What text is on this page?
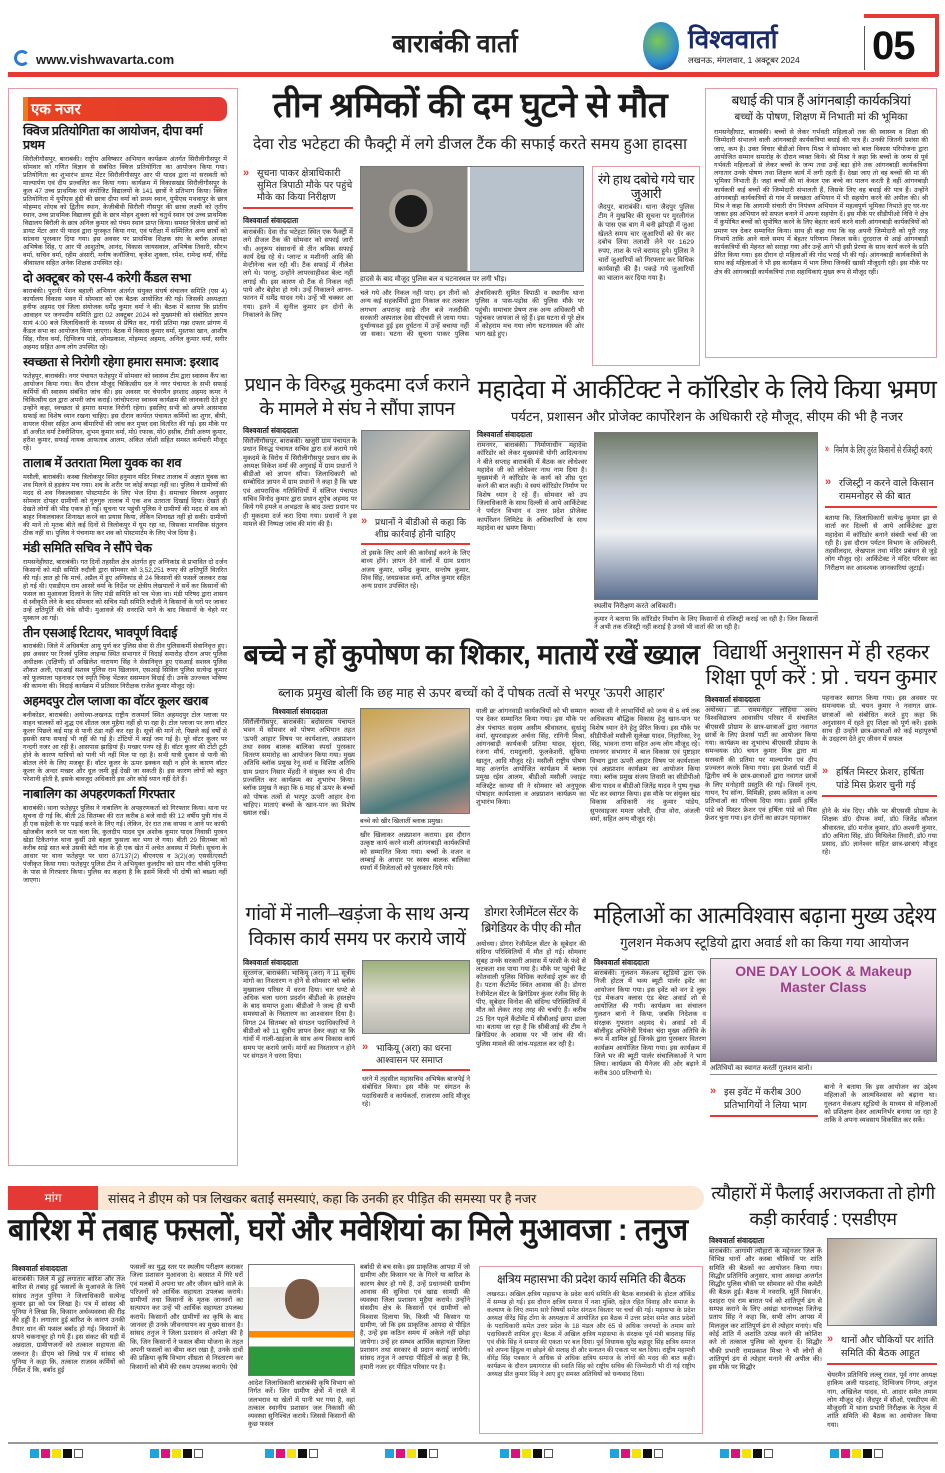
बाराबंकी वार्ता
www.vishwavarta.com
विश्ववार्ता
लखनऊ, मंगलवार, 1 अक्टूबर 2024	05
एक नजर
क्विज प्रतियोगिता का आयोजन, दीपा वर्मा प्रथम
सिरौलीगौसपुर, बाराबंकी। राष्ट्रीय अविष्कार अभियान कार्यक्रम अंतर्गत सिरौलीगौसपुर में सोमवार को गणित विज्ञान से संबंधित क्विज प्रतियोगिता का आयोजन किया गया। प्रतियोगिता का शुभारंभ डायट मेंटर सिरौलीगौसपुर आर पी यादव द्वारा मां सरस्वती को माल्यार्पण एवं दीप प्रज्वलित कर किया गया। कार्यक्रम में विकासखंड सिरौलीगौसपुर के कुल 47 उच्च प्राथमिक एवं कंपोजिट विद्यालयों के 141 छात्रों ने प्रतिभाग किया। क्विज प्रतियोगिता में यूपीएस हुंडी की छात्रा दीपा वर्मा को प्रथम स्थान, यूपीएस मथवापुर के छात्र मोहम्मद शोएब को द्वितीय स्थान, केजीबीवी सिरौली गौसपुर की छात्रा लक्ष्मी को तृतीय स्थान, उच्च प्राथमिक विद्यालय हुंडी के छात्र मोहन शुक्ला को चतुर्थ स्थान एवं उच्च प्राथमिक विद्यालय बिरौली के छात्र अनिल कुमार को पंचम स्थान प्राप्त किया। समस्त विजेता छात्रों को डायट मेंटर आर पी यादव द्वारा पुरस्कृत किया गया, एवं परीक्षा में सम्मिलित अन्य छात्रों को सांत्वना पुरस्कार दिया गया। इस अवसर पर प्राथमिक शिक्षक संघ के ब्लॉक अध्यक्ष अभिषेक सिंह, ए आर पी आशुतोष, आनंद, विकास जायसवाल, अभिषेक तिवारी, सौरभ वर्मा, सचिन वर्मा, रहीम अंसारी, मनीष कनौजिया, बृजेश शुक्ला, रमेश, रामेन्द्र वर्मा, वीरेंद्र श्रीवास्तव सहित अनेक शिक्षक उपस्थित रहे।
दो अक्टूबर को एस-4 करेगी कैंडल सभा
बाराबंकी। पुरानी पेंशन बहाली अभियान अंतर्गत संयुक्त संघर्ष संचालन समिति (एस 4) कार्यालय विकास भवन में सोमवार को एक बैठक आयोजित की गई। जिसकी अध्यक्षता हनीफ अहमद एवं जिला संयोजक धर्मेंद्र कुमार वर्मा ने की। बैठक में बताया कि प्रांतीय आवाहन पर जनपदीय समिति द्वारा 02 अक्टूबर 2024 को मुख्यमंत्री को संबोधित ज्ञापन सायं 4:00 बजे जिलाधिकारी के माध्यम से प्रेषित कर, गांधी प्रतिमा गन्ना दफ्तर प्रांगण में कैंडल सभा का आयोजन किया जाएगा। बैठक में विकास कुमार वर्मा, मुस्तफा खान, आशीष सिंह, गौरव वर्मा, दिग्विजय पांडे, ओमप्रकाश, मोहम्मद अहमद, अनिल कुमार वर्मा, सगीर अहमद सहित अन्य लोग उपस्थित रहे।
स्वच्छता से निरोगी रहेगा हमारा समाज: इरशाद
फतेहपुर, बाराबंकी। नगर पंचायत फतेहपुर में सोमवार को स्वास्थ्य टीम द्वारा स्वास्थ्य कैंप का आयोजन किया गया। कैंप दौरान मौजूद चिकित्सीय दल ने नगर पंचायत के सभी सफाई कर्मियों की स्वास्थ्य संबंधित जांच की। इस अवसर पर चेयरमैन इरशाद अहमद कमर ने चिकित्सीय दल द्वारा अपनी जांच कराई। जांचोपरान्त स्वास्थ्य कार्यक्रम की जानकारी देते हुए उन्होंने कहा, स्वच्छता से हमारा समाज निरोगी रहेगा। इसलिए सभी को अपने आसपास सफाई का विशेष ध्यान रखना चाहिए। इस दौरान कार्यरत पंचायत कर्मियों का शुगर, बीपी, वायरल फीवर सहित अन्य बीमारियों की जांच कर मुफ्त दवा वितरित की गई। इस मौके पर डॉ अजीत वर्मा टेक्नीशियन, शुभम कुमार वर्मा, मो0 रफाक, मो0 हसीब, टीसी अरुण कुमार, हरीश कुमार, सफाई नायक आफताब आलम, अंकित जोशी सहित समस्त कर्मचारी मौजूद रहे।
तालाब में उतराता मिला युवक का शव
मसौली, बाराबंकी। कस्बा त्रिलोकपुर स्थित हनुमान मंदिर निकट तालाब में अज्ञात युवक का शव मिलने से हड़कंप मच गया। शव के शरीर पर कोई कपड़ा नहीं था। पुलिस ने ग्रामीणों की मदद से शव निकलवाकर पोस्टमार्टम के लिए भेज दिया है। समाचार विवरण अनुसार सोमवार दोपहर ग्रामीणों को गुरुगुरु तालाब में एक शव उतराता दिखाई दिया। देखते ही देखते लोगों की भीड़ एकत्र हो गई। सूचना पर पहुंची पुलिस ने ग्रामीणों की मदद से शव को बाहर निकलवाकर शिनाख्त करने का प्रयास किया, लेकिन शिनाख्त नहीं हो सकी। ग्रामीणों की मानें तो मृतक बीते कई दिनों से त्रिलोकपुर में घूम रहा था, जिसका मानसिक संतुलन ठीक नहीं था। पुलिस ने पंचनामा कर शव को पोस्टमार्टम के लिए भेज दिया है।
मंडी समिति सचिव ने सौंपे चेक
रामसनेहीघाट, बाराबंकी। गत दिनों तहसील क्षेत्र अंतर्गत हुए अग्निकांड से प्रभावित दो दर्जन किसानों को मंडी समिति रुदौली द्वारा सोमवार को 3,52,251 रुपए की क्षतिपूर्ति वितरित की गई। ज्ञात हो कि मार्च, अप्रैल में हुए अग्निकांड से 24 किसानों की फसलें जलकर राख हो गई थी। एसडीएम राम आसरे वर्मा के निर्देश पर क्षेत्रीय लेखपालों ने सर्वे कर किसानों की फसल का मुआवजा दिलाने के लिए मंडी समिति को पत्र भेजा था। मंडी परिषद द्वारा शासन से स्वीकृति लेने के बाद सोमवार को सचिव मंडी समिति रुदौली ने किसानों के घरों पर जाकर उन्हें क्षतिपूर्ति की चेकें सौंपी। मुआवजे की धनराशि पाने के बाद किसानों के चेहरे पर मुस्कान आ गई।
तीन एसआई रिटायर, भावपूर्ण विदाई
बाराबंकी। जिले में अधिवर्षता आयु पूर्ण कर पुलिस सेवा से तीन पुलिसकर्मी सेवानिवृत्त हुए। इस अवसर पर रिजर्व पुलिस लाइन्स स्थित सभागार में विदाई समारोह दौरान अपर पुलिस अधीक्षक (दक्षिणी) डॉ अखिलेश नारायण सिंह ने सेवानिवृत्त हुए एसआई सशस्त्र पुलिस शौकत अली, एसआई सशस्त्र पुलिस राम खिलावन, एसआई सिविल पुलिस सत्येन्द्र कुमार को फूलमाला पहनाकर एवं स्मृति चिन्ह भेंटकर ससम्मान विदाई दी। उनके उज्ज्वल भविष्य की कामना की। विदाई कार्यक्रम में प्रतिसार निरीक्षक राजेश कुमार मौजूद रहे।
अहमदपुर टोल प्लाजा का वॉटर कूलर खराब
बनीकोडर, बाराबंकी। अयोध्या-लखनऊ राष्ट्रीय राजमार्ग स्थित अहमदपुर टोल प्लाजा पर वाहन चालकों को शुद्ध एवं शीतल जल मुहैया नहीं हो पा रहा है। टोल प्लाजा पर लगा वॉटर कूलर पिछले कई माह से पानी ठंडा नहीं कर रहा है। सूत्रों की मानें तो, पिछले कई वर्षों से इसकी साफ सफाई भी नहीं की गई है। टोंटियों में काई जम गई है। पूरे वॉटर कूलर पर गन्दगी नजर आ रही है। आसपास झाड़ियां हैं। मच्छर पनप रहे हैं। वॉटर कूलर की टोंटी टूटी होने के कारण यात्रियों को पानी भी नहीं मिल पा रहा है। सभी यात्री दुकान से पानी की बोतल लेने के लिए मजबूर हैं। वॉटर कूलर के ऊपर ढक्कन सही न होने के कारण वॉटर कूलर के अन्दर मच्छर और धूल जमी हुई देखी जा सकती है। इस कारण लोगों को बहुत परेशानी होती है, इसके बावजूद अधिकारी इस ओर कोई ध्यान नहीं देते हैं।
नाबालिग का अपहरणकर्ता गिरफ्तार
बाराबंकी। थाना फतेहपुर पुलिस ने नाबालिग के अपहरणकर्ता को गिरफ्तार किया। थाना पर सूचना दी गई कि, बीती 28 सितम्बर की रात करीब 8 बजे वादी की 12 वर्षीय पुत्री गांव में ही एक सहेली के घर पढ़ाई करने के लिए गई। लेकिन, देर रात तक वापस न आने पर काफी खोजबीन करने पर पता चला कि, कुलदीप यादव पुत्र अशोक कुमार यादव निवासी पुरवन खेड़ा टिकैतगंज थाना कुर्सी उसे बहला फुसला कर भगा ले गया। बीती 29 सितम्बर को करीब साढ़े सात बजे उसकी बेटी गांव के ही एक खेत में अचेत अवस्था में मिली। सूचना के आधार पर थाना फतेहपुर पर धारा 87/137(2) बीएनएस व 3(2)(अ) एससी/एसटी पंजीकृत किया गया। फतेहपुर पुलिस टीम ने अभियुक्त कुलदीप को ग्राम गौरा चौकी पुलिया के पास से गिरफ्तार किया। पुलिस का कहना है कि इसमें किसी भी दोषी को बख्शा नहीं जाएगा।
तीन श्रमिकों की दम घुटने से मौत
देवा रोड भटेहटा की फैक्ट्री में लगे डीजल टैंक की सफाई करते समय हुआ हादसा
» सूचना पाकर क्षेत्राधिकारी सुमित त्रिपाठी मौके पर पहुंचे मौके का किया निरीक्षण
विश्ववार्ता संवाददाता
बाराबंकी। देवा रोड भटेहटा स्थित एक फैक्ट्री में लगे डीजल टैंक की सोमवार को सफाई जारी थी। अनुरूप संसाधनों से तीन श्रमिक सफाई कार्य देख रहे थे। प्लान्ट व मशीनरी आदि की मेन्टीनेन्स चल रही थी। टैंक सफाई में नीलेश लगे थे। परन्तु, उन्होंने लापरवाहीवश बेल्ट नहीं लगाई थी। इस कारण वो टैंक से निकल नहीं पाये और बेहोश हो गये। उन्हें निकालने आनन-फानन में धर्मेंद्र यादव गये। उन्हें भी चक्कर आ गया। इतने में सुनील कुमार इन दोनों के निकालने के लिए
हादसे के बाद मौजूद पुलिस बल व घटनास्थल पर लगी भीड़।
चले गये और निकल नहीं पाए। इन तीनों को अन्य कई सहकर्मियों द्वारा निकाल कर तत्काल लगभग अपरान्ह साढ़े तीन बजे नजदीकी सरकारी अस्पताल देवा सीएचसी ले जाया गया। दुर्भाग्यवश हुई इस दुर्घटना में उन्हें बचाया नहीं जा सका। घटना की सूचना पाकर पुलिस क्षेत्राधिकारी सुमित त्रिपाठी व स्थानीय थाना पुलिस व पास-पड़ोस की पुलिस मौके पर पहुंची। समाचार प्रेषण तक अन्य अधिकारी भी पहुंचकर जायजा ले रहे हैं। इस घटना से पूरे क्षेत्र में कोहराम मच गया लोग घटनास्थल की ओर भाग खड़े हुए।
रंगे हाथ दबोचे गये चार जुआरी
जैदपुर, बाराबंकी। थाना जैदपुर पुलिस टीम ने मुखबिर की सूचना पर मुरलीगंज के पास एक बाग में बनी झोपड़ी में जुआ खेलते समय चार जुआरियों को घेर कर दबोच लिया तलाशी लेने पर 1629 रुपए, ताश के पत्ते बरामद हुये। पुलिस ने चारों जुआरियों को गिरफ्तार कर विधिक कार्यवाही की है। पकड़े गये जुआरियों का चालान कर दिया गया है।
बधाई की पात्र हैं आंगनबाड़ी कार्यकत्रियां
बच्चों के पोषण, शिक्षण में निभाती मां की भूमिका
रामसनेहीघाट, बाराबंकी। बच्चों से लेकर गर्भवती महिलाओं तक की स्वास्थ्य व शिक्षा की जिम्मेदारी संभालने वाली आंगनबाड़ी कार्यकत्रियां बधाई की पात्र हैं। उनकी जितनी प्रशंसा की जाए, कम है। उक्त विचार बीडीओ विनय मिश्रा ने सोमवार को बाल विकास परियोजना द्वारा आयोजित सम्मान समारोह के दौरान व्यक्त किये। श्री मिश्रा ने कहा कि बच्चों के जन्म से पूर्व गर्भवती महिलाओं से लेकर बच्चों के जन्म तथा उन्हें बड़ा होने तक आंगनबाड़ी कार्यकत्रियां लगातार उनके पोषण तथा शिक्षण कार्य में लगी रहती हैं। देखा जाए तो वह बच्चों की मां की भूमिका निभाती हैं। जहां बच्चों की मां केवल एक बच्चे का पालन करती है वहीं आंगनबाड़ी कार्यकत्री कई बच्चों की जिम्मेदारी संभालती हैं, जिसके लिए वह बधाई की पात्र हैं। उन्होंने आंगनबाड़ी कार्यकत्रियों से गांव में स्वच्छता अभियान में भी सहयोग करने की अपील की। श्री मिश्र ने कहा कि आगामी संचारी रोग नियंत्रण अभियान में महत्वपूर्ण भूमिका निभाते हुए घर-घर जाकर इस अभियान को सफल बनाने में अपना सहयोग दें। इस मौके पर सीडीपीओ निधि ने क्षेत्र में कुपोषित बच्चों को सुपोषित करने के लिए बेहतर कार्य करने वाली आंगनबाड़ी कार्यकत्रियों को प्रमाण पत्र देकर सम्मानित किया। साथ ही कहा गया कि वह अपनी जिम्मेदारी को पूरी तरह निभायें ताकि आने वाले समय में बेहतर परिणाम निकल सकें। दूरदराज से आई आंगनबाड़ी कार्यकत्रियों की मेहनत को सराहा गया और उन्हें आगे भी इसी प्रेरणा के साथ कार्य करने के प्रति प्रेरित किया गया। इस दौरान दो महिलाओं की गोद भराई भी की गई। आंगनबाड़ी कार्यकत्रियों के साथ कई महिलाओं ने भी इस कार्यक्रम में भाग लिया जिनकी खासी मौजूदगी रही। इस मौके पर क्षेत्र की आंगनबाड़ी कार्यकत्रियां तथा सहायिकाएं मुख्य रूप से मौजूद रहीं।
प्रधान के विरुद्ध मुकदमा दर्ज कराने के मामले मे संघ ने सौंपा ज्ञापन
विश्ववार्ता संवाददाता
सिरौलीगौसपुर, बाराबंकी। खजुरी ग्राम पंचायत के प्रधान विरुद्ध पंचायत सचिव द्वारा दर्ज कराये गये मुकदमे के विरोध में सिरौलीगौसपुर प्रधान संघ के अध्यक्ष विकेश वर्मा की अगुवाई में ग्राम प्रधानों ने बीडीओ को ज्ञापन सौंपा। जिलाधिकारी को सम्बोधित ज्ञापन में ग्राम प्रधानों ने कहा है कि भ्रष्ट एवं आपराधिक गतिविधियों में संलिप्त पंचायत सचिव विनोद कुमार द्वारा प्रधान शुऐब अहमद पर किये गये हमले व अभद्रता के बाद उल्टा प्रधान पर ही मुकदमा दर्ज करा दिया गया। प्रधानों ने इस मामले की निष्पक्ष जांच की मांग की है।	» प्रधानों ने बीडीओ से कहा कि शीघ्र कार्रवाई होनी चाहिए
तो इसके लिए आगे की कार्रवाई करने के लिए बाध्य होंगे। ज्ञापन देने वालों में ग्राम प्रधान अजय कुमार, धर्मेन्द्र कुमार, सन्तोष कुमार, शिव सिंह, जयप्रकाश वर्मा, अनिल कुमार सहित अन्य प्रधान उपस्थित रहे।
महादेवा में आर्कीटेक्ट ने कॉरिडोर के लिये किया भ्रमण
पर्यटन, प्रशासन और प्रोजेक्ट कार्पोरेशन के अधिकारी रहे मौजूद, सीएम की भी है नजर
विश्ववार्ता संवाददाता
रामनगर, बाराबंकी। निर्माणाधीन महादेवा कॉरिडोर को लेकर मुख्यमंत्री योगी आदित्यनाथ ने बीते सप्ताह बाराबंकी में बैठक कर लोधेश्वर महादेव जी को लोधेश्वर नाथ नाम दिया है। मुख्यमंत्री ने कॉरिडोर के कार्य को शीघ्र पूरा करने की बात कही। वे स्वयं कॉरिडोर निर्माण पर विशेष ध्यान दे रहे हैं। सोमवार को उप जिलाधिकारी के साथ दिल्ली से आये आर्किटेक्ट ने पर्यटन विभाग व उत्तर प्रदेश प्रोजेक्ट कार्पोरेशन लिमिटेड के अधिकारियों के साथ महादेवा का भ्रमण किया।
स्थलीय निरीक्षण करते अधिकारी।
कुमार ने बताया कि कॉरिडोर निर्माण के लिए किसानों से रजिस्ट्री कराई जा रही है। जिन किसानों ने अभी तक रजिस्ट्री नहीं कराई है उनसे भी वार्ता की जा रही है।
» निर्माण के लिए तुरंत किसानों से रजिस्ट्री कराएं
» रजिस्ट्री न करने वाले किसान राममनोहर से की बात
बताया कि, जिलाधिकारी सत्येन्द्र कुमार झा से वार्ता कर दिल्ली से आये आर्किटेक्ट द्वारा महादेवा में कॉरिडोर बनाने संबंधी चर्चा की जा रही है। इस दौरान पर्यटन विभाग के अधिकारी, तहसीलदार, लेखपाल तथा मंदिर प्रबंधन से जुड़े लोग मौजूद रहे। आर्किटेक्ट ने मंदिर परिसर का निरीक्षण कर आवश्यक जानकारियां जुटाईं।
बच्चे न हों कुपोषण का शिकार, मातायें रखें ख्याल
ब्लाक प्रमुख बोलीं कि छह माह से ऊपर बच्चों को दें पोषक तत्वों से भरपूर 'ऊपरी आहार'
विश्ववार्ता संवाददाता
सिरौलीगौसपुर, बाराबंकी। बदोसराय पंचायत भवन में सोमवार को पोषण अभियान तहत 'ऊपरी आहार' विषय पर कार्यशाला, अन्नप्राशन तथा स्वस्थ बालक बालिका स्पर्धा पुरस्कार वितरण समारोह का आयोजन किया गया। मुख्य अतिथि ब्लॉक प्रमुख रेनू वर्मा व विशिष्ट अतिथि ग्राम प्रधान निसार मेंहदी ने संयुक्त रूप से दीप प्रज्वलित कर कार्यक्रम का शुभारंभ किया। ब्लॉक प्रमुख ने कहा कि 6 माह से ऊपर के बच्चों को पोषक तत्वों से भरपूर ऊपरी आहार देना चाहिए। माताएं बच्चों के खान-पान का विशेष ख्याल रखें।
बच्चे को खीर खिलातीं ब्लाक प्रमुख।
खीर खिलाकर अन्नप्राशन कराया। इस दौरान उत्कृष्ट कार्य करने वाली आंगनबाड़ी कार्यकत्रियों को सम्मानित किया गया। बच्चों के वजन व लम्बाई के आधार पर स्वस्थ बालक बालिका स्पर्धा में विजेताओं को पुरस्कार दिये गये।
वाली छः आंगनवाड़ी कार्यकत्रियों को भी सम्मान पत्र देकर सम्मानित किया गया। इस मौके पर क्षेत्र पंचायत सदस्य असीम श्रीवास्तव, सुधांशु वर्मा, सुपरवाइजर अर्चना सिंह, रागिनी मिश्रा, आंगनबाड़ी कार्यकत्री प्रतिमा यादव, सुंदरा, रंजना मौर्य, रामदुलारी, फूलकेशरी, सूफिया खातून, आदि मौजूद रहे। मसौली राष्ट्रीय पोषण माह अन्तर्गत आयोजित कार्यक्रम में ब्लाक प्रमुख रईस आलम, बीडीओ मसौली ज्वाइंट मजिस्ट्रेट काव्या सी ने सोमवार को अनुपूरक पोषाहार कार्यशाला व अन्नप्राशन कार्यक्रम का शुभारंभ किया।
काव्या सी ने लाभार्थियों को जन्म से 6 वर्ष तक अधिकतम बौद्धिक विकास हेतु खान-पान पर विशेष ध्यान देने हेतु प्रेरित किया। इस मौके पर सीडीपीओ मसौली सुलेखा यादव, निहारिका, रेनू सिंह, भावना राणा सहित अन्य लोग मौजूद रहे। रामनगर सभागार में बाल विकास एवं पुष्टाहार विभाग द्वारा ऊपरी आहार विषय पर कार्यशाला एवं अन्नप्राशन कार्यक्रम का आयोजन किया गया। ब्लॉक प्रमुख संजय तिवारी का सीडीपीओ बीना यादव व बीडीओ जितेंद्र यादव ने पुष्प गुच्छ भेंट कर स्वागत किया। इस मौके पर संयुक्त खंड विकास अधिकारी नंद कुमार पांडेय, सुपरवाइजर ममता जोशी, दीपा वोरा, अंजली वर्मा, सहित अन्य मौजूद रहे।
विद्यार्थी अनुशासन में ही रहकर शिक्षा पूर्ण करें : प्रो . चयन कुमार
विश्ववार्ता संवाददाता
अयोध्या। डॉ. राममनोहर लोहिया अवध विश्वविद्यालय आवासीय परिसर में संचालित बीएससी प्रोग्राम के छात्र-छात्राओं द्वारा नवागत छात्रों के लिए फ्रेशर्स पार्टी का आयोजन किया गया। कार्यक्रम का शुभारंभ बीएससी प्रोग्राम के समन्वयक प्रो0 चयन कुमार मिश्र द्वारा मां सरस्वती की प्रतिमा पर माल्यार्पण एवं दीप प्रज्वलन करके किया गया। इस फ्रेशर्स पार्टी में द्वितीय वर्ष के छात्र-छात्राओं द्वारा नवागत छात्रों के लिए मनोहारी प्रस्तुति की गई। जिसमें नृत्य, गायन, रैप सॉन्ग, मिमिक्री, हास्य कविता व अन्य प्रतिभाओं का परिचय दिया गया। इसमें हर्षित पांडे को मिस्टर फ्रेशर एवं हर्षिता पांडे को मिस फ्रेशर चुना गया। इन दोनों का क्राउन पहनाकर
पहनाकर स्वागत किया गया। इस अवसर पर समन्वयक प्रो. चयन कुमार ने नवागत छात्र-छात्राओं को संबोधित करते हुए कहा कि अनुशासन में रहते हुए शिक्षा को पूर्ण करें। इसके साथ ही उन्होंने छात्र-छात्राओं को कई महापुरुषों के उदहरण देते हुए जीवन में सफल
» हर्षित मिस्टर फ्रेशर, हर्षिता पांडे मिस फ्रेशर चुनी गई
होने के मंत्र दिए। मौके पर बीएससी प्रोग्राम के शिक्षक डॉ0 दीपक वर्मा, डॉ0 जितेंद्र कौशल श्रीवास्तव, डॉ0 मनोज कुमार, डॉ0 अश्वनी कुमार, डॉ0 अमिता सिंह, डॉ0 मिथिलेश तिवारी, डॉ0 गया प्रसाद, डॉ0 ज्ञानेश्वर सहित छात्र-छात्राएं मौजूद रहे।
गांवों में नाली–खड़ंजा के साथ अन्य विकास कार्य समय पर कराये जायें
विश्ववार्ता संवाददाता
सूरतगंज, बाराबंकी। भाकियू (अरा) ने 11 सूत्रीय मांगो का निस्तारण न होने से सोमवार को ब्लॉक मुख्यालय परिसर में धरना दिया। चार घण्टे से अधिक चला धरना प्रदर्शन बीडीओ के हस्तक्षेप के बाद समाप्त हुआ। बीडीओ ने जल्द ही सभी समस्याओं के निस्तारण का आश्वासन दिया है। विगत 24 सितम्बर को संगठन पदाधिकारियों ने बीडीओ को 11 सूत्रीय ज्ञापन देकर कहा था कि गांवों में नाली-खड़ंजा के साथ अन्य विकास कार्य समय पर कराये जायें। मांगों का निस्तारण न होने पर संगठन ने धरना दिया।
» भाकियू (अरा) का धरना आश्वासन पर समाप्त
धरने में तहसील महासचिव अभिषेक बाजपेई ने संबोधित किया। इस मौके पर संगठन के पदाधिकारी व कार्यकर्ता, राजाराम आदि मौजूद रहे।
डोगरा रेजीमेंटल सेंटर के ब्रिगेडियर के पीए की मौत
अयोध्या। डोगरा रेजीमेंटल सेंटर के सूबेदार की संदिग्ध परिस्थितियों में मौत हो गई। सोमवार सुबह उनके सरकारी आवास में फांसी के फंदे से लटकता शव पाया गया है। मौके पर पहुंची कैंट कोतवाली पुलिस विधिक कार्रवाई शुरू कर दी है। पटना कैंटोमेंट स्थित आवास की है। डोगरा रेजीमेंटल सेंटर के ब्रिगेडियर कुंवर रंजीव सिंह के पीए, सूबेदार विनोश की संदिग्ध परिस्थितियों में मौत को लेकर तरह तरह की चर्चाएं हैं। करीब 25 दिन पहले कैंटोमेंट में सीबीआई छापा डाला था। बताया जा रहा है कि सीबीआई की टीम ने ब्रिगेडियर के आवास पर भी जांच की थी। पुलिस मामले की जांच-पड़ताल कर रही है।
महिलाओं का आत्मविश्वास बढ़ाना मुख्य उद्देश्य
गुलशन मेकअप स्टूडियो द्वारा अवार्ड शो का किया गया आयोजन
विश्ववार्ता संवाददाता
बाराबंकी। गुलशन मेकअप स्टूडियो द्वारा एक निजी होटल में भव्य ब्यूटी पार्लर इवेंट का आयोजन किया गया। इस इवेंट को वन डे लुक एंड मेकअप क्लास एंड बेस्ट अवार्ड शो से आयोजित की गयी। कार्यक्रम का संचालन गुलशन बानो ने किया, जबकि निदेशक व संरक्षक गुफरान अहमद थे। अवार्ड शो में बॉलीवुड अभिनेत्री रियंका चंदा मुख्य अतिथि के रूप में शामिल हुई जिनके द्वारा पुरस्कार वितरण कार्यक्रम आयोजित किया गया। इस कार्यक्रम में जिले भर की ब्यूटी पार्लर संचालिकाओं ने भाग लिया। कार्यक्रम की मैनेजर की ओर बढ़ाने में करीब 300 प्रतिभागी थे।
ONE DAY LOOK & Makeup Master Class
अतिथियों का स्वागत करतीं गुलशन बानो।
» इस इवेंट में करीब 300 प्रतिभागियों ने लिया भाग
बानो ने बताया कि इस आयोजन का उद्देश्य महिलाओं के आत्मविश्वास को बढ़ाना था। गुलशन मेकअप स्टूडियो के माध्यम से महिलाओं को प्रशिक्षण देकर आत्मनिर्भर बनाया जा रहा है ताकि वे अपना व्यवसाय विकसित कर सकें।
मांग	सांसद ने डीएम को पत्र लिखकर बताईं समस्याएं, कहा कि उनकी हर पीड़ित की समस्या पर है नजर
बारिश में तबाह फसलों, घरों और मवेशियां का मिले मुआवजा : तनुज
विश्ववार्ता संवाददाता
बाराबंकी। जिले में हुई लगातार बारिश और तेज बारिश से तबाह हुई फसलों के मुआवजे के लिये सांसद तनुज पुनिया ने जिलाधिकारी सत्येन्द्र कुमार झा को पत्र लिखा है। पत्र में सांसद श्री पुनिया ने लिखा कि, किसान अर्थव्यवस्था की रीढ़ की हड्डी है। लगातार हुई बारिश के कारण उनकी तैयार धान की फसल बर्बाद हो गई। किसानों के सपने चकनाचूर हो गये हैं। इस संकट की घड़ी में अन्नदाता, ग्रामीणजनों को तत्काल सहायता की जरूरत है। डीएम को लिखे पत्र में सांसद श्री पुनिया ने कहा कि, तत्काल राजस्व कर्मियों को निर्देश दें कि, बर्बाद हुई
फसलों का युद्ध स्तर पर स्थलीय परीक्षण कराकर जिला प्रशासन मुआवजा दे। बरसात में गिरे घरों एवं मलबों में अपना घर और जीवन खोने वाले के परिजनों को आर्थिक सहायता उपलब्ध कराये। ग्रामीणों तथा किसानों के मृतक जानवरों का सत्यापन कर उन्हें भी आर्थिक सहायता उपलब्ध करायें। किसानों और ग्रामीणों का कृषि के बाद जानवर ही उनके जीवनयापन का मुख्य साधन है। सांसद तनुज ने जिला प्रशासन से अपेक्षा की है कि, जिन किसानों ने फसल बीमा योजना के तहत अपनी फसलों का बीमा करा रखा है, उनके दावों की प्रक्रिया कृषि विभाग शीघ्रता से निस्तारण कर किसानों को बीमे की रकम उपलब्ध कराये। ऐसे
आदेश जिलाधिकारी बाराबंकी कृषि विभाग को निर्गत करें। जिन ग्रामीण क्षेत्रों में रास्ते में जलभराव या खेतों में पानी भर गया है, वहां तत्काल स्थानीय प्रशासन जल निकासी की व्यवस्था सुनिश्चित कराये। जिससे किसानों की कुछ फसल
बर्बादी से बच सके। इस प्राकृतिक आपदा में जो ग्रामीण और किसान घर के गिरने या बारिश के कारण बेघर हो गये हैं, उन्हें प्रधानमंत्री ग्रामीण आवास की सुविधा एवं खाद्य सामग्री की व्यवस्था जिला प्रशासन मुहैया कराये। उन्होंने संसदीय क्षेत्र के किसानों एवं ग्रामीणों को विश्वास दिलाया कि, किसी भी किसान या ग्रामीण, जो कि इस प्राकृतिक आपदा से पीड़ित है, उन्हें इस कठिन समय में अकेले नहीं छोड़ा जायेगा। उन्हें हर सम्भव आर्थिक सहायता जिला प्रशासन तथा सरकार से प्रदान कराई जायेगी। सांसद तनुज ने आपदा पीड़ितों से कहा है कि, हमारी नजर हर पीड़ित परिवार पर है।
क्षत्रिय महासभा की प्रदेश कार्य समिति की बैठक
लखनऊ। अखिल क्षत्रिय महासभा के प्रदेश कार्य समिति की बैठक बाराबंकी के होटल ऑर्किड में सम्पन्न हो गई। इस दौरान क्षत्रिय समाज में नशा मुक्ति, दहेज रहित विवाह और समाज के कल्याण के लिए तमाम सारे विषयों समेत संगठन विस्तार पर चर्चा की गई। महासभा के प्रदेश अध्यक्ष वीरेंद्र सिंह टोंगा के अध्यक्षता में आयोजित इस बैठक में उत्तर प्रदेश समेत आठ प्रदेशों के पदाधिकारी समेत उत्तर प्रदेश के 18 मंडल और 65 से अधिक जनपदों के तमाम सारे पदाधिकारी शामिल हुए। बैठक में अखिल क्षत्रिय महासभा के संरक्षक पूर्व मंत्री बादशाह सिंह एवं वीके सिंह ने समाज की एकता पर बल दिया। पूर्व विधायक सुरेंद्र बहादुर सिंह क्षत्रिय समाज को अपना हिंदुत्व ना छोड़ने की सलाह दी और सनातन की एकता पर बल दिया। राष्ट्रीय महामंत्री वीरेंद्र सिंह पत्रकार ने अधिक से अधिक क्षत्रिय समाज के लोगों की मदद की बात कही। कार्यक्रम के दौरान प्रयागराज की स्वाति सिंह को राष्ट्रीय सचिव की जिम्मेदारी भी दी गई राष्ट्रीय अध्यक्ष प्रीत कुमार सिंह ने आए हुए समस्त अतिथियों को धन्यवाद दिया।
त्यौहारों में फैलाई अराजकता तो होगी कड़ी कार्रवाई : एसडीएम
विश्ववार्ता संवाददाता
बाराबंकी। आगामी त्यौहारों के मद्देनजर जिले के विभिन्न थानों और कस्बा चौकियों पर शांति समिति की बैठकों का आयोजन किया गया। सिद्धौर प्रतिनिधि अनुसार, थाना असन्द्रा अन्तर्गत सिद्धौर पुलिस चौकी पर सोमवार को पीस कमेटी की बैठक हुई। बैठक में नवरात्रि, मूर्ति विसर्जन, दशहरा एवं राम बारात पर्व को शांतिपूर्ण ढंग से सम्पन्न कराने के लिए असंद्रा थानाध्यक्ष जितेन्द्र प्रताप सिंह ने कहा कि, सभी लोग आपस में मिलजुल कर शांतिपूर्ण ढंग से त्योहार मनाएं। यदि कोई शांति में अशांति उत्पन्न करने की कोशिश करे तो तत्काल पुलिस को सूचना दें। सिद्धौर चौकी प्रभारी रामप्रकाश मिश्रा ने भी लोगों से शांतिपूर्ण ढंग से त्योहार मनाने की अपील की। इस मौके पर सिद्धौर
» थानों और चौकियों पर शांति समिति की बैठक आहूत
चेयरमैन प्रतिनिधि लल्लू रावत, पूर्व नगर अध्यक्ष हाकिम अली यादशाह, दिग्विजय निगम, अनुज नाग, अखिलेश यादव, मो. आदार समेत तमाम लोग मौजूद रहे। जैदपुर में सीओ, एसडीएम की मौजूदगी में थाना प्रभारी निरीक्षक के नेतृत्व में शांति समिति की बैठक का आयोजन किया गया।
